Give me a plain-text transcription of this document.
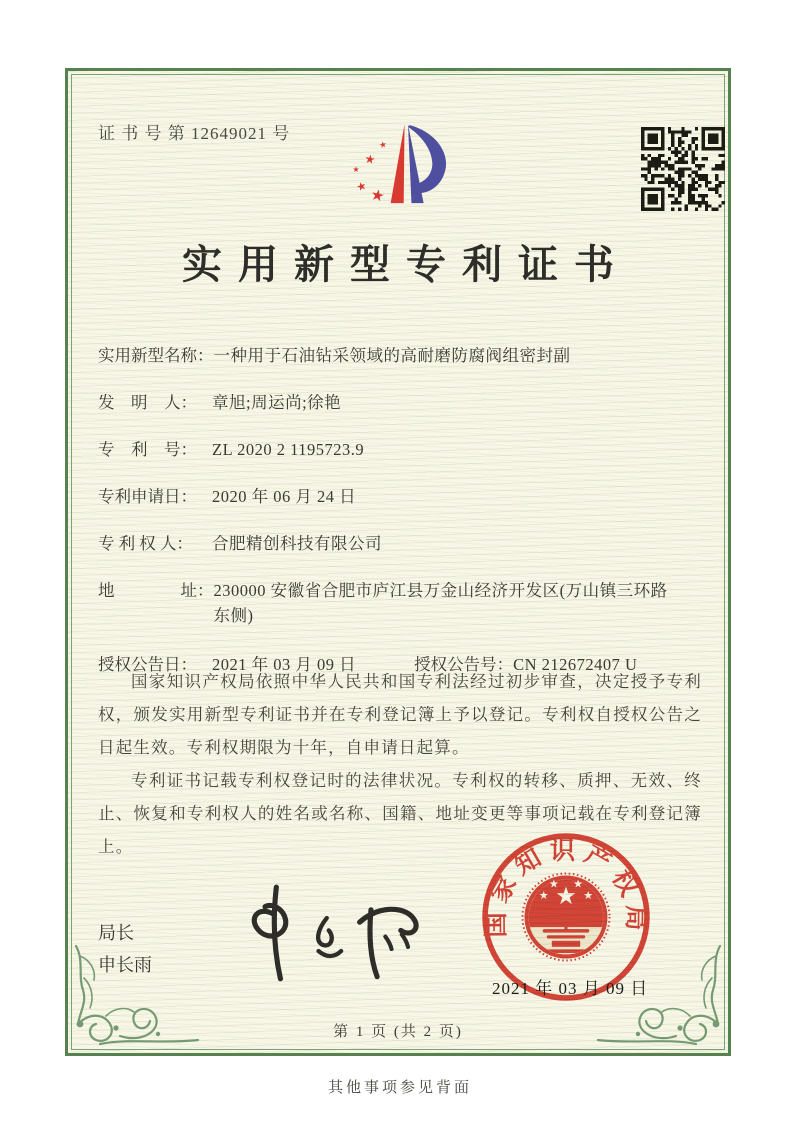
证 书 号 第 12649021 号
★
★
★
★ ★
实用新型专利证书
实用新型名称： 一种用于石油钻采领域的高耐磨防腐阀组密封副
发　明　人： 章旭;周运尚;徐艳
专　利　号： ZL 2020 2 1195723.9
专利申请日： 2020 年 06 月 24 日
专 利 权 人：	合肥精创科技有限公司
地　　　　址： 230000 安徽省合肥市庐江县万金山经济开发区(万山镇三环路东侧)
授权公告日： 2021 年 03 月 09 日	授权公告号： CN 212672407 U

国家知识产权局依照中华人民共和国专利法经过初步审查，决定授予专利权，颁发实用新型专利证书并在专利登记簿上予以登记。专利权自授权公告之日起生效。专利权期限为十年，自申请日起算。

专利证书记载专利权登记时的法律状况。专利权的转移、质押、无效、终止、恢复和专利权人的姓名或名称、国籍、地址变更等事项记载在专利登记簿上。

局长
申长雨
★
★
★ ★
★
国家知识产权局
2021 年 03 月 09 日
第 1 页 (共 2 页)
其他事项参见背面
